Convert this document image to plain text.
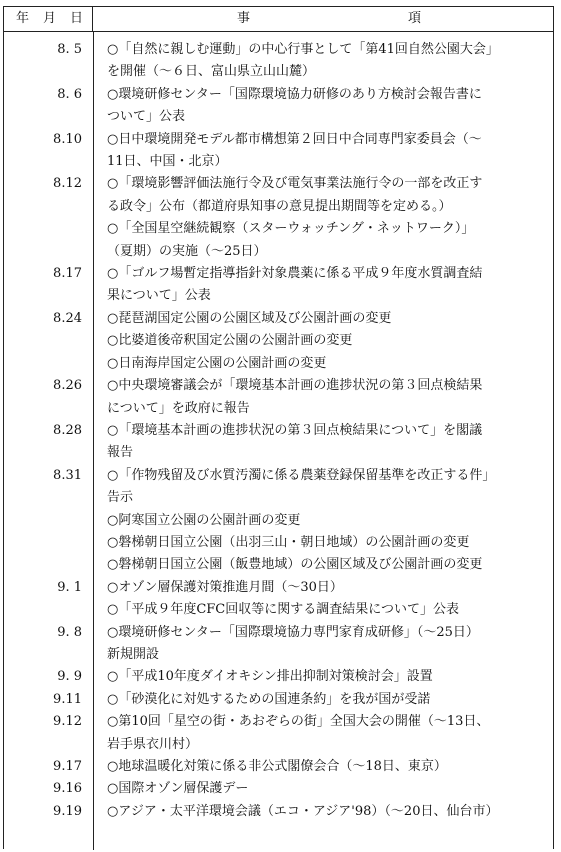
年 月 日	事	項
8. 5 ○「自然に親しむ運動」の中心行事として「第41回自然公園大会」
を開催（～６日、富山県立山山麓）
8. 6 ○環境研修センター「国際環境協力研修のあり方検討会報告書に
ついて」公表
8.10 ○日中環境開発モデル都市構想第２回日中合同専門家委員会（～
11日、中国・北京）
8.12 ○「環境影響評価法施行令及び電気事業法施行令の一部を改正す
る政令」公布（都道府県知事の意見提出期間等を定める。）
○「全国星空継続観察（スターウォッチング・ネットワーク）」
（夏期）の実施（～25日）
8.17 ○「ゴルフ場暫定指導指針対象農薬に係る平成９年度水質調査結
果について」公表
8.24 ○琵琶湖国定公園の公園区域及び公園計画の変更
○比婆道後帝釈国定公園の公園計画の変更
○日南海岸国定公園の公園計画の変更
8.26 ○中央環境審議会が「環境基本計画の進捗状況の第３回点検結果
について」を政府に報告
8.28 ○「環境基本計画の進捗状況の第３回点検結果について」を閣議
報告
8.31 ○「作物残留及び水質汚濁に係る農薬登録保留基準を改正する件」
告示
○阿寒国立公園の公園計画の変更
○磐梯朝日国立公園（出羽三山・朝日地域）の公園計画の変更
○磐梯朝日国立公園（飯豊地域）の公園区域及び公園計画の変更
9. 1 ○オゾン層保護対策推進月間（～30日）
○「平成９年度CFC回収等に関する調査結果について」公表
9. 8 ○環境研修センター「国際環境協力専門家育成研修」（～25日）
新規開設
9. 9 ○「平成10年度ダイオキシン排出抑制対策検討会」設置
9.11 ○「砂漠化に対処するための国連条約」を我が国が受諾
9.12 ○第10回「星空の街・あおぞらの街」全国大会の開催（～13日、
岩手県衣川村）
9.17 ○地球温暖化対策に係る非公式閣僚会合（～18日、東京）
9.16 ○国際オゾン層保護デー
9.19 ○アジア・太平洋環境会議（エコ・アジア'98）（～20日、仙台市）
